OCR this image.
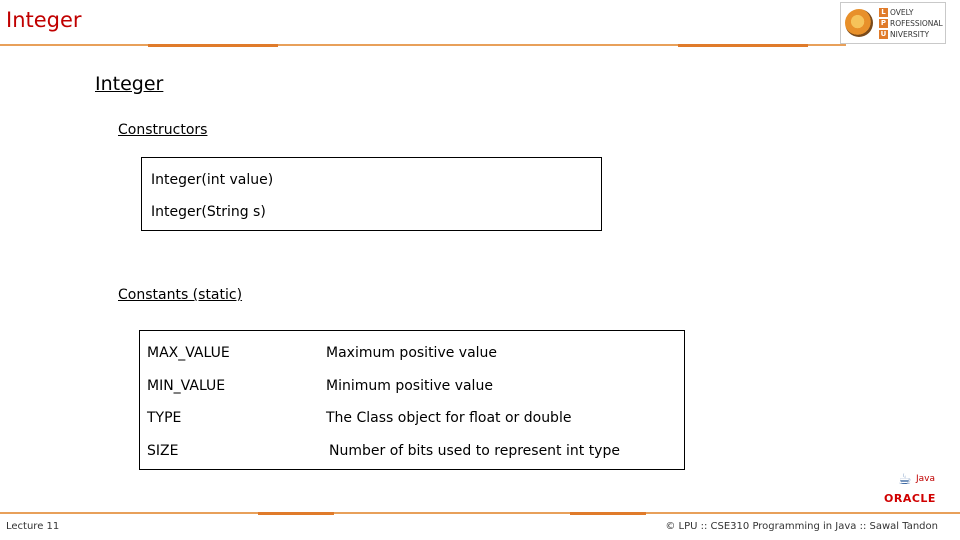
Integer	L OVELY
P ROFESSIONAL
U NIVERSITY
Integer
Constructors
Integer(int value)
Integer(String s)
Constants (static)
MAX_VALUE	Maximum positive value
MIN_VALUE	Minimum positive value
TYPE	The Class object for float or double
SIZE	Number of bits used to represent int type
☕ Java
ORACLE
Lecture 11	© LPU :: CSE310 Programming in Java :: Sawal Tandon
